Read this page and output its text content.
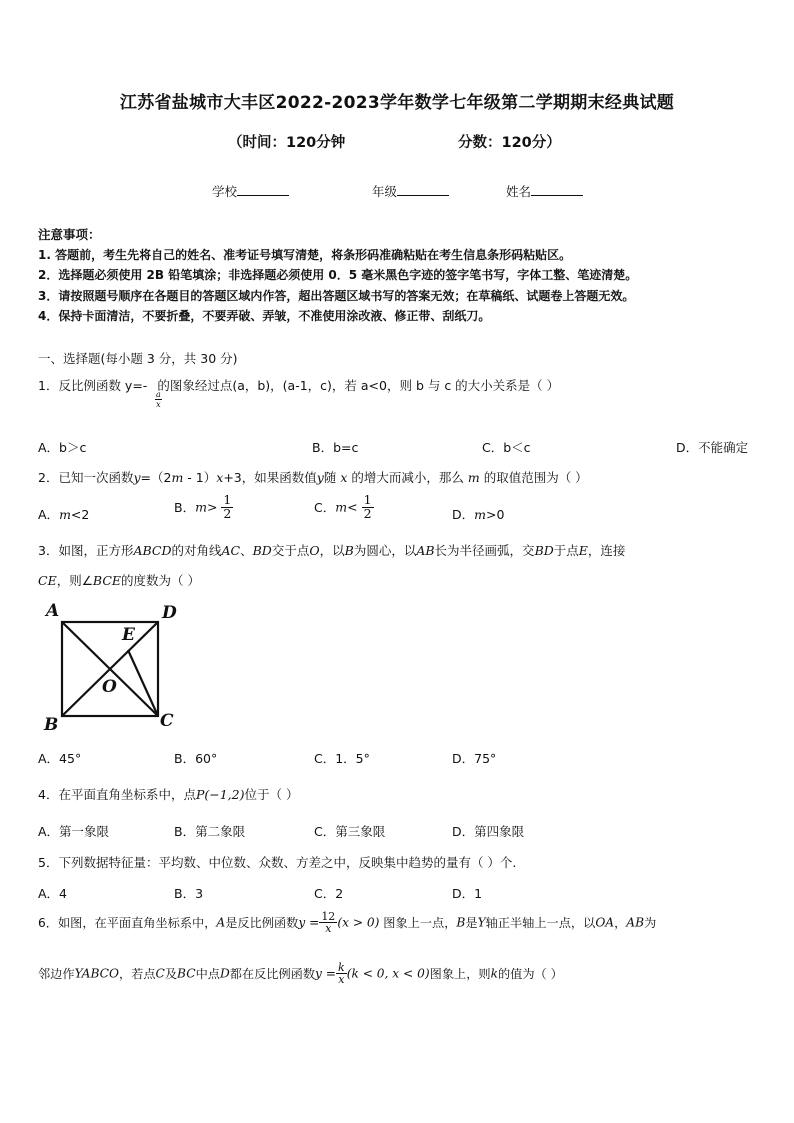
江苏省盐城市大丰区2022-2023学年数学七年级第二学期期末经典试题
（时间：120分钟	分数：120分）
学校	年级	姓名
注意事项：
1. 答题前，考生先将自己的姓名、准考证号填写清楚，将条形码准确粘贴在考生信息条形码粘贴区。
2．选择题必须使用 2B 铅笔填涂；非选择题必须使用 0．5 毫米黑色字迹的签字笔书写，字体工整、笔迹清楚。
3．请按照题号顺序在各题目的答题区域内作答，超出答题区域书写的答案无效；在草稿纸、试题卷上答题无效。
4．保持卡面清洁，不要折叠，不要弄破、弄皱，不准使用涂改液、修正带、刮纸刀。
一、选择题(每小题 3 分，共 30 分)
1．反比例函数 y=- 的图象经过点(a，b)，(a-1，c)，若 a<0，则 b 与 c 的大小关系是（ ）
$\frac{a}{x}$
A．b＞c	B．b=c	C．b＜c	D．不能确定
2．已知一次函数y=（2m - 1）x+3，如果函数值y随 x 的增大而减小，那么 m 的取值范围为（ ）
A．m<2	B．$m> \frac{1}{2}$	C．$m< \frac{1}{2}$	D．m>0
3．如图，正方形ABCD的对角线AC、BD交于点O，以B为圆心，以AB长为半径画弧，交BD于点E，连接
CE，则∠BCE的度数为（ ）
A	D
E
O
B	C
A．45°	B．60°	C．1．5°	D．75°
4．在平面直角坐标系中，点P(−1,2)位于（ ）
A．第一象限	B．第二象限	C．第三象限	D．第四象限
5．下列数据特征量：平均数、中位数、众数、方差之中，反映集中趋势的量有（ ）个.
A．4	B．3	C．2	D．1
6．如图，在平面直角坐标系中，A是反比例函数$y = \frac{12}{x} (x > 0)$ 图象上一点，B是Y轴正半轴上一点，以OA，AB为
邻边作YABCO，若点C及BC中点D都在反比例函数$y = \frac{k}{x} (k < 0$, x < 0)图象上，则k的值为（ ）
